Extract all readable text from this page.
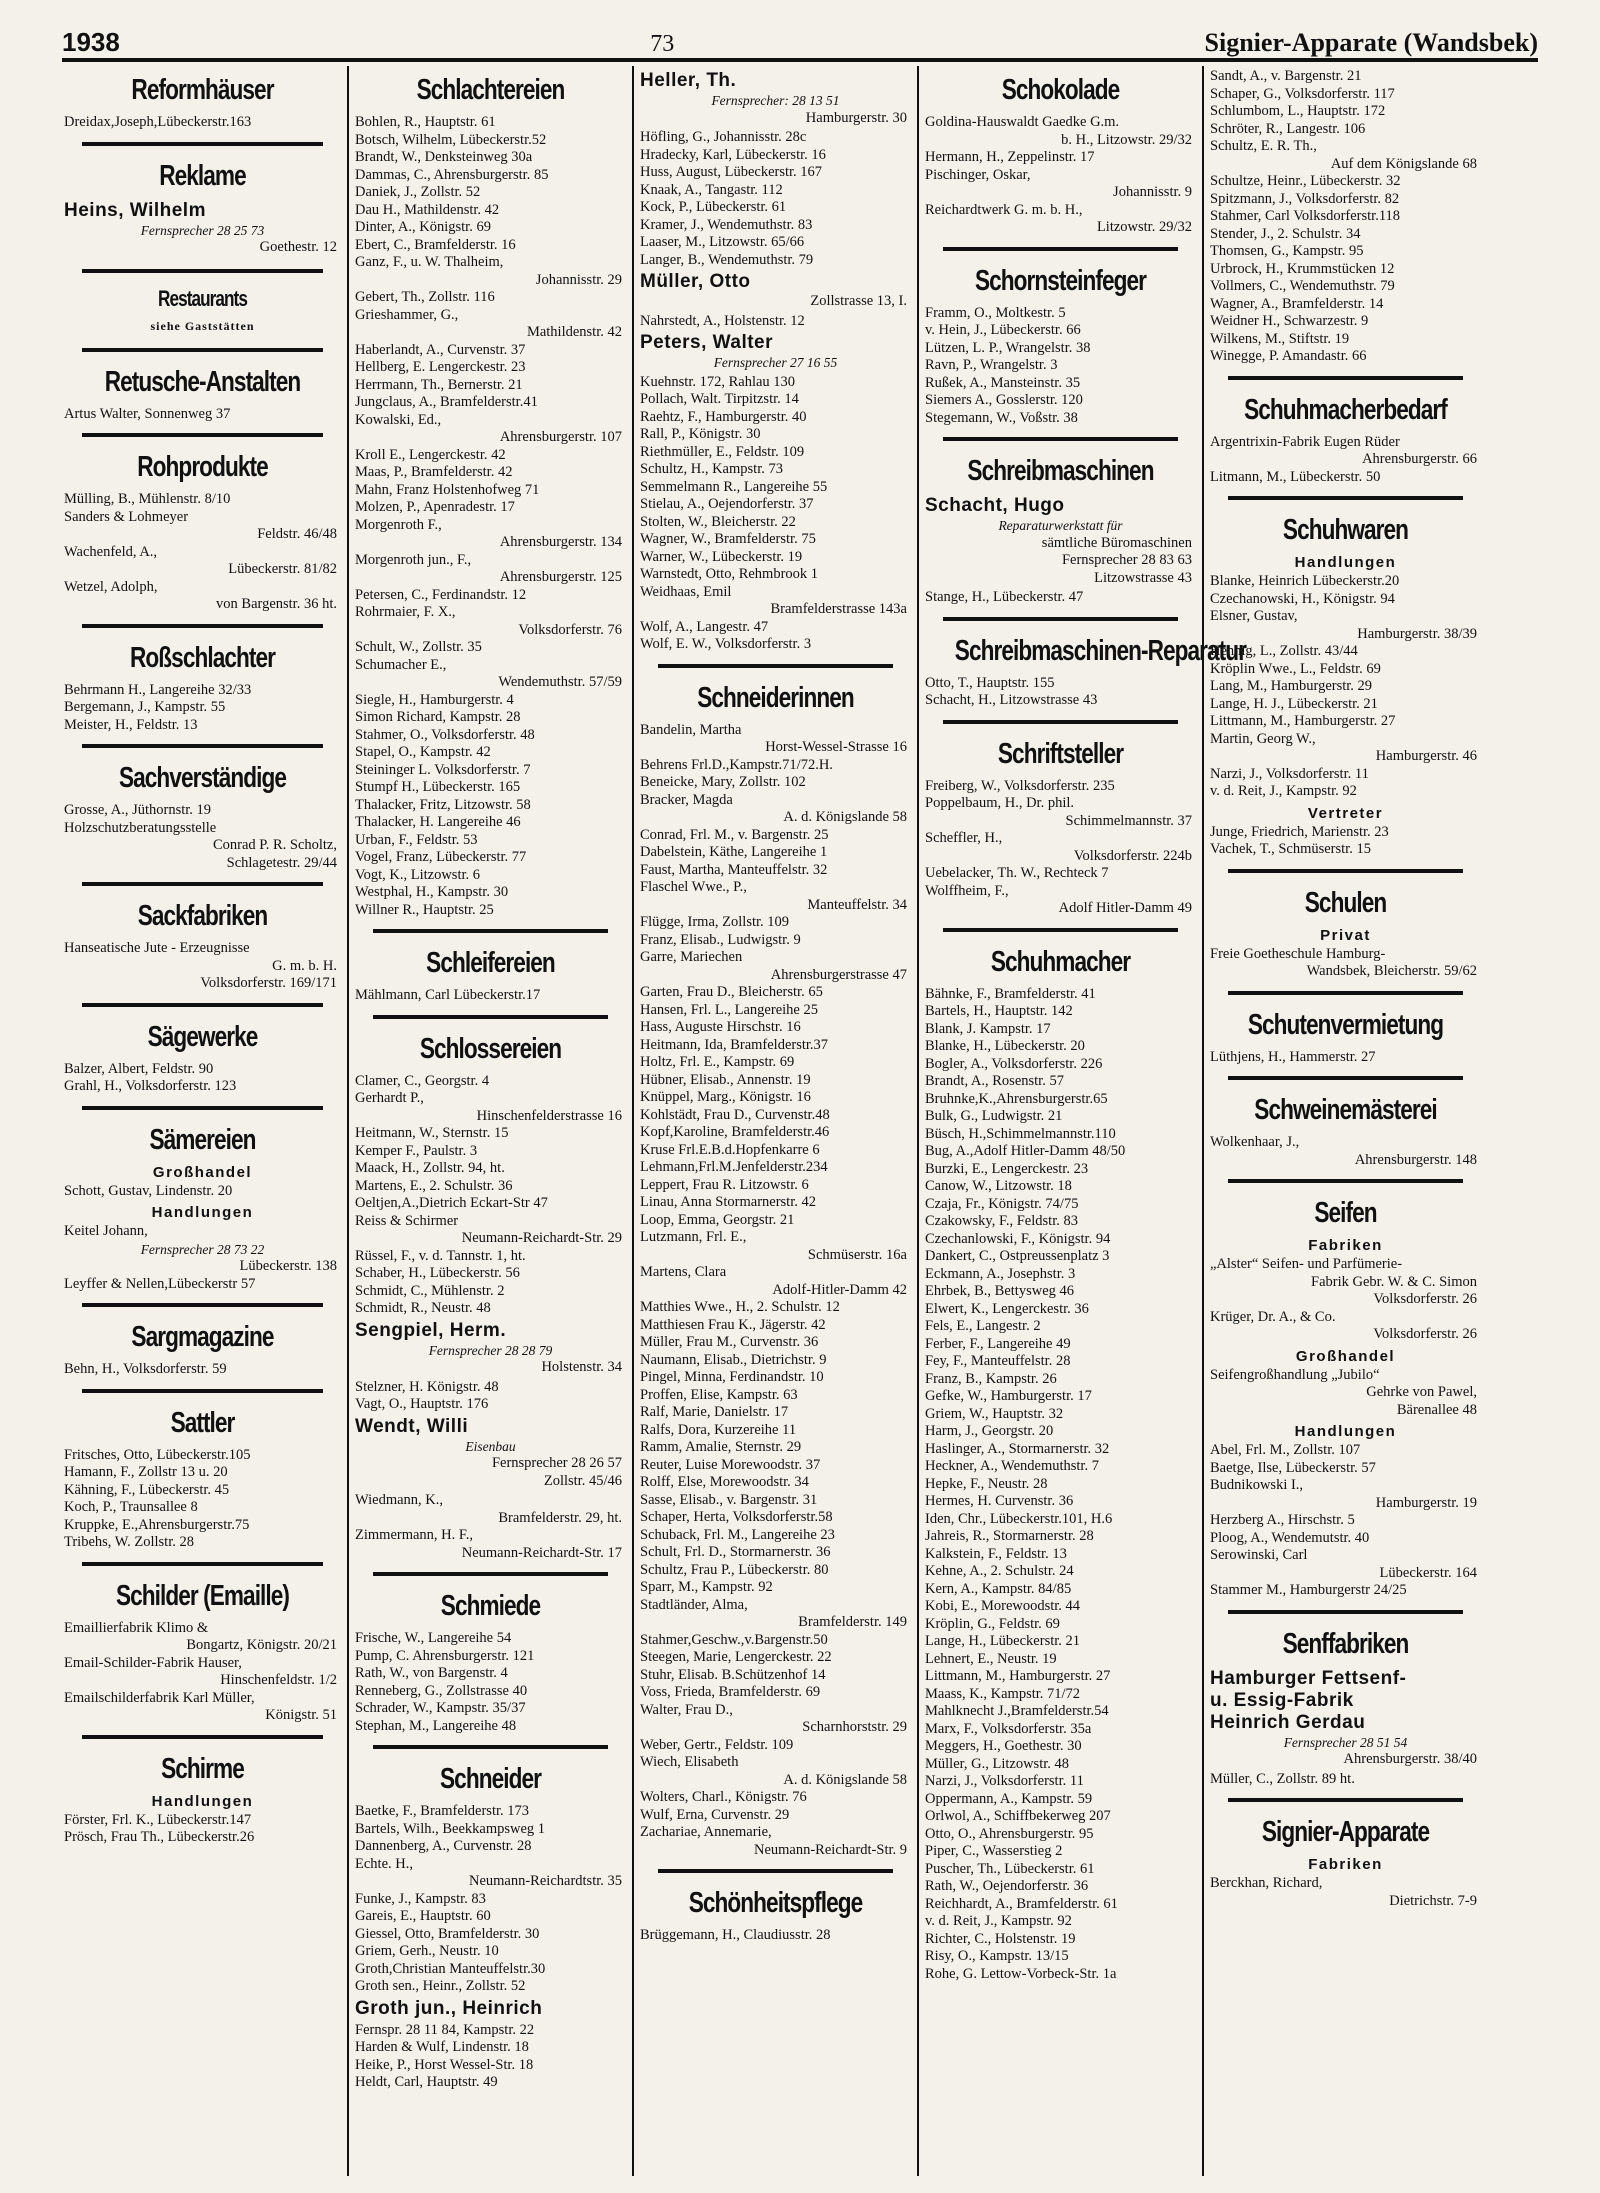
1938	73	Signier-Apparate (Wandsbek)
Reformhäuser
Dreidax,Joseph,Lübeckerstr.163
Reklame
Heins, Wilhelm
Fernsprecher 28 25 73
Goethestr. 12
Restaurants
siehe Gaststätten
Retusche-Anstalten
Artus Walter, Sonnenweg 37
Rohprodukte
Mülling, B., Mühlenstr. 8/10
Sanders & Lohmeyer
Feldstr. 46/48
Wachenfeld, A.,
Lübeckerstr. 81/82
Wetzel, Adolph,
von Bargenstr. 36 ht.
Roßschlachter
Behrmann H., Langereihe 32/33
Bergemann, J., Kampstr. 55
Meister, H., Feldstr. 13
Sachverständige
Grosse, A., Jüthornstr. 19
Holzschutzberatungsstelle
Conrad P. R. Scholtz,
Schlagetestr. 29/44
Sackfabriken
Hanseatische Jute - Erzeugnisse
G. m. b. H.
Volksdorferstr. 169/171
Sägewerke
Balzer, Albert, Feldstr. 90
Grahl, H., Volksdorferstr. 123
Sämereien
Großhandel
Schott, Gustav, Lindenstr. 20
Handlungen
Keitel Johann,
Fernsprecher 28 73 22
Lübeckerstr. 138
Leyffer & Nellen,Lübeckerstr 57
Sargmagazine
Behn, H., Volksdorferstr. 59
Sattler
Fritsches, Otto, Lübeckerstr.105
Hamann, F., Zollstr 13 u. 20
Kähning, F., Lübeckerstr. 45
Koch, P., Traunsallee 8
Kruppke, E.,Ahrensburgerstr.75
Tribehs, W. Zollstr. 28
Schilder (Emaille)
Emaillierfabrik Klimo &
Bongartz, Königstr. 20/21
Email-Schilder-Fabrik Hauser,
Hinschenfeldstr. 1/2
Emailschilderfabrik Karl Müller,
Königstr. 51
Schirme
Handlungen
Förster, Frl. K., Lübeckerstr.147
Prösch, Frau Th., Lübeckerstr.26
Schlachtereien
Bohlen, R., Hauptstr. 61
Botsch, Wilhelm, Lübeckerstr.52
Brandt, W., Denksteinweg 30a
Dammas, C., Ahrensburgerstr. 85
Daniek, J., Zollstr. 52
Dau H., Mathildenstr. 42
Dinter, A., Königstr. 69
Ebert, C., Bramfelderstr. 16
Ganz, F., u. W. Thalheim,
Johannisstr. 29
Gebert, Th., Zollstr. 116
Grieshammer, G.,
Mathildenstr. 42
Haberlandt, A., Curvenstr. 37
Hellberg, E. Lengerckestr. 23
Herrmann, Th., Bernerstr. 21
Jungclaus, A., Bramfelderstr.41
Kowalski, Ed.,
Ahrensburgerstr. 107
Kroll E., Lengerckestr. 42
Maas, P., Bramfelderstr. 42
Mahn, Franz Holstenhofweg 71
Molzen, P., Apenradestr. 17
Morgenroth F.,
Ahrensburgerstr. 134
Morgenroth jun., F.,
Ahrensburgerstr. 125
Petersen, C., Ferdinandstr. 12
Rohrmaier, F. X.,
Volksdorferstr. 76
Schult, W., Zollstr. 35
Schumacher E.,
Wendemuthstr. 57/59
Siegle, H., Hamburgerstr. 4
Simon Richard, Kampstr. 28
Stahmer, O., Volksdorferstr. 48
Stapel, O., Kampstr. 42
Steininger L. Volksdorferstr. 7
Stumpf H., Lübeckerstr. 165
Thalacker, Fritz, Litzowstr. 58
Thalacker, H. Langereihe 46
Urban, F., Feldstr. 53
Vogel, Franz, Lübeckerstr. 77
Vogt, K., Litzowstr. 6
Westphal, H., Kampstr. 30
Willner R., Hauptstr. 25
Schleifereien
Mählmann, Carl Lübeckerstr.17
Schlossereien
Clamer, C., Georgstr. 4
Gerhardt P.,
Hinschenfelderstrasse 16
Heitmann, W., Sternstr. 15
Kemper F., Paulstr. 3
Maack, H., Zollstr. 94, ht.
Martens, E., 2. Schulstr. 36
Oeltjen,A.,Dietrich Eckart-Str 47
Reiss & Schirmer
Neumann-Reichardt-Str. 29
Rüssel, F., v. d. Tannstr. 1, ht.
Schaber, H., Lübeckerstr. 56
Schmidt, C., Mühlenstr. 2
Schmidt, R., Neustr. 48
Sengpiel, Herm.
Fernsprecher 28 28 79
Holstenstr. 34
Stelzner, H. Königstr. 48
Vagt, O., Hauptstr. 176
Wendt, Willi
Eisenbau
Fernsprecher 28 26 57
Zollstr. 45/46
Wiedmann, K.,
Bramfelderstr. 29, ht.
Zimmermann, H. F.,
Neumann-Reichardt-Str. 17
Schmiede
Frische, W., Langereihe 54
Pump, C. Ahrensburgerstr. 121
Rath, W., von Bargenstr. 4
Renneberg, G., Zollstrasse 40
Schrader, W., Kampstr. 35/37
Stephan, M., Langereihe 48
Schneider
Baetke, F., Bramfelderstr. 173
Bartels, Wilh., Beekkampsweg 1
Dannenberg, A., Curvenstr. 28
Echte. H.,
Neumann-Reichardtstr. 35
Funke, J., Kampstr. 83
Gareis, E., Hauptstr. 60
Giessel, Otto, Bramfelderstr. 30
Griem, Gerh., Neustr. 10
Groth,Christian Manteuffelstr.30
Groth sen., Heinr., Zollstr. 52
Groth jun., Heinrich
Fernspr. 28 11 84, Kampstr. 22
Harden & Wulf, Lindenstr. 18
Heike, P., Horst Wessel-Str. 18
Heldt, Carl, Hauptstr. 49
Heller, Th.
Fernsprecher: 28 13 51
Hamburgerstr. 30
Höfling, G., Johannisstr. 28c
Hradecky, Karl, Lübeckerstr. 16
Huss, August, Lübeckerstr. 167
Knaak, A., Tangastr. 112
Kock, P., Lübeckerstr. 61
Kramer, J., Wendemuthstr. 83
Laaser, M., Litzowstr. 65/66
Langer, B., Wendemuthstr. 79
Müller, Otto
Zollstrasse 13, I.
Nahrstedt, A., Holstenstr. 12
Peters, Walter
Fernsprecher 27 16 55
Kuehnstr. 172, Rahlau 130
Pollach, Walt. Tirpitzstr. 14
Raehtz, F., Hamburgerstr. 40
Rall, P., Königstr. 30
Riethmüller, E., Feldstr. 109
Schultz, H., Kampstr. 73
Semmelmann R., Langereihe 55
Stielau, A., Oejendorferstr. 37
Stolten, W., Bleicherstr. 22
Wagner, W., Bramfelderstr. 75
Warner, W., Lübeckerstr. 19
Warnstedt, Otto, Rehmbrook 1
Weidhaas, Emil
Bramfelderstrasse 143a
Wolf, A., Langestr. 47
Wolf, E. W., Volksdorferstr. 3
Schneiderinnen
Bandelin, Martha
Horst-Wessel-Strasse 16
Behrens Frl.D.,Kampstr.71/72.H.
Beneicke, Mary, Zollstr. 102
Bracker, Magda
A. d. Königslande 58
Conrad, Frl. M., v. Bargenstr. 25
Dabelstein, Käthe, Langereihe 1
Faust, Martha, Manteuffelstr. 32
Flaschel Wwe., P.,
Manteuffelstr. 34
Flügge, Irma, Zollstr. 109
Franz, Elisab., Ludwigstr. 9
Garre, Mariechen
Ahrensburgerstrasse 47
Garten, Frau D., Bleicherstr. 65
Hansen, Frl. L., Langereihe 25
Hass, Auguste Hirschstr. 16
Heitmann, Ida, Bramfelderstr.37
Holtz, Frl. E., Kampstr. 69
Hübner, Elisab., Annenstr. 19
Knüppel, Marg., Königstr. 16
Kohlstädt, Frau D., Curvenstr.48
Kopf,Karoline, Bramfelderstr.46
Kruse Frl.E.B.d.Hopfenkarre 6
Lehmann,Frl.M.Jenfelderstr.234
Leppert, Frau R. Litzowstr. 6
Linau, Anna Stormarnerstr. 42
Loop, Emma, Georgstr. 21
Lutzmann, Frl. E.,
Schmüserstr. 16a
Martens, Clara
Adolf-Hitler-Damm 42
Matthies Wwe., H., 2. Schulstr. 12
Matthiesen Frau K., Jägerstr. 42
Müller, Frau M., Curvenstr. 36
Naumann, Elisab., Dietrichstr. 9
Pingel, Minna, Ferdinandstr. 10
Proffen, Elise, Kampstr. 63
Ralf, Marie, Danielstr. 17
Ralfs, Dora, Kurzereihe 11
Ramm, Amalie, Sternstr. 29
Reuter, Luise Morewoodstr. 37
Rolff, Else, Morewoodstr. 34
Sasse, Elisab., v. Bargenstr. 31
Schaper, Herta, Volksdorferstr.58
Schuback, Frl. M., Langereihe 23
Schult, Frl. D., Stormarnerstr. 36
Schultz, Frau P., Lübeckerstr. 80
Sparr, M., Kampstr. 92
Stadtländer, Alma,
Bramfelderstr. 149
Stahmer,Geschw.,v.Bargenstr.50
Steegen, Marie, Lengerckestr. 22
Stuhr, Elisab. B.Schützenhof 14
Voss, Frieda, Bramfelderstr. 69
Walter, Frau D.,
Scharnhorststr. 29
Weber, Gertr., Feldstr. 109
Wiech, Elisabeth
A. d. Königslande 58
Wolters, Charl., Königstr. 76
Wulf, Erna, Curvenstr. 29
Zachariae, Annemarie,
Neumann-Reichardt-Str. 9
Schönheitspflege
Brüggemann, H., Claudiusstr. 28
Schokolade
Goldina-Hauswaldt Gaedke G.m.
b. H., Litzowstr. 29/32
Hermann, H., Zeppelinstr. 17
Pischinger, Oskar,
Johannisstr. 9
Reichardtwerk G. m. b. H.,
Litzowstr. 29/32
Schornsteinfeger
Framm, O., Moltkestr. 5
v. Hein, J., Lübeckerstr. 66
Lützen, L. P., Wrangelstr. 38
Ravn, P., Wrangelstr. 3
Rußek, A., Mansteinstr. 35
Siemers A., Gosslerstr. 120
Stegemann, W., Voßstr. 38
Schreibmaschinen
Schacht, Hugo
Reparaturwerkstatt für
sämtliche Büromaschinen
Fernsprecher 28 83 63
Litzowstrasse 43
Stange, H., Lübeckerstr. 47
Schreibmaschinen-Reparatur
Otto, T., Hauptstr. 155
Schacht, H., Litzowstrasse 43
Schriftsteller
Freiberg, W., Volksdorferstr. 235
Poppelbaum, H., Dr. phil.
Schimmelmannstr. 37
Scheffler, H.,
Volksdorferstr. 224b
Uebelacker, Th. W., Rechteck 7
Wolffheim, F.,
Adolf Hitler-Damm 49
Schuhmacher
Bähnke, F., Bramfelderstr. 41
Bartels, H., Hauptstr. 142
Blank, J. Kampstr. 17
Blanke, H., Lübeckerstr. 20
Bogler, A., Volksdorferstr. 226
Brandt, A., Rosenstr. 57
Bruhnke,K.,Ahrensburgerstr.65
Bulk, G., Ludwigstr. 21
Büsch, H.,Schimmelmannstr.110
Bug, A.,Adolf Hitler-Damm 48/50
Burzki, E., Lengerckestr. 23
Canow, W., Litzowstr. 18
Czaja, Fr., Königstr. 74/75
Czakowsky, F., Feldstr. 83
Czechanlowski, F., Königstr. 94
Dankert, C., Ostpreussenplatz 3
Eckmann, A., Josephstr. 3
Ehrbek, B., Bettysweg 46
Elwert, K., Lengerckestr. 36
Fels, E., Langestr. 2
Ferber, F., Langereihe 49
Fey, F., Manteuffelstr. 28
Franz, B., Kampstr. 26
Gefke, W., Hamburgerstr. 17
Griem, W., Hauptstr. 32
Harm, J., Georgstr. 20
Haslinger, A., Stormarnerstr. 32
Heckner, A., Wendemuthstr. 7
Hepke, F., Neustr. 28
Hermes, H. Curvenstr. 36
Iden, Chr., Lübeckerstr.101, H.6
Jahreis, R., Stormarnerstr. 28
Kalkstein, F., Feldstr. 13
Kehne, A., 2. Schulstr. 24
Kern, A., Kampstr. 84/85
Kobi, E., Morewoodstr. 44
Kröplin, G., Feldstr. 69
Lange, H., Lübeckerstr. 21
Lehnert, E., Neustr. 19
Littmann, M., Hamburgerstr. 27
Maass, K., Kampstr. 71/72
Mahlknecht J.,Bramfelderstr.54
Marx, F., Volksdorferstr. 35a
Meggers, H., Goethestr. 30
Müller, G., Litzowstr. 48
Narzi, J., Volksdorferstr. 11
Oppermann, A., Kampstr. 59
Orlwol, A., Schiffbekerweg 207
Otto, O., Ahrensburgerstr. 95
Piper, C., Wasserstieg 2
Puscher, Th., Lübeckerstr. 61
Rath, W., Oejendorferstr. 36
Reichhardt, A., Bramfelderstr. 61
v. d. Reit, J., Kampstr. 92
Richter, C., Holstenstr. 19
Risy, O., Kampstr. 13/15
Rohe, G. Lettow-Vorbeck-Str. 1a
Sandt, A., v. Bargenstr. 21
Schaper, G., Volksdorferstr. 117
Schlumbom, L., Hauptstr. 172
Schröter, R., Langestr. 106
Schultz, E. R. Th.,
Auf dem Königslande 68
Schultze, Heinr., Lübeckerstr. 32
Spitzmann, J., Volksdorferstr. 82
Stahmer, Carl Volksdorferstr.118
Stender, J., 2. Schulstr. 34
Thomsen, G., Kampstr. 95
Urbrock, H., Krummstücken 12
Vollmers, C., Wendemuthstr. 79
Wagner, A., Bramfelderstr. 14
Weidner H., Schwarzestr. 9
Wilkens, M., Stiftstr. 19
Winegge, P. Amandastr. 66
Schuhmacherbedarf
Argentrixin-Fabrik Eugen Rüder
Ahrensburgerstr. 66
Litmann, M., Lübeckerstr. 50
Schuhwaren
Handlungen
Blanke, Heinrich Lübeckerstr.20
Czechanowski, H., Königstr. 94
Elsner, Gustav,
Hamburgerstr. 38/39
Hennig, L., Zollstr. 43/44
Kröplin Wwe., L., Feldstr. 69
Lang, M., Hamburgerstr. 29
Lange, H. J., Lübeckerstr. 21
Littmann, M., Hamburgerstr. 27
Martin, Georg W.,
Hamburgerstr. 46
Narzi, J., Volksdorferstr. 11
v. d. Reit, J., Kampstr. 92
Vertreter
Junge, Friedrich, Marienstr. 23
Vachek, T., Schmüserstr. 15
Schulen
Privat
Freie Goetheschule Hamburg-
Wandsbek, Bleicherstr. 59/62
Schutenvermietung
Lüthjens, H., Hammerstr. 27
Schweinemästerei
Wolkenhaar, J.,
Ahrensburgerstr. 148
Seifen
Fabriken
„Alster“ Seifen- und Parfümerie-
Fabrik Gebr. W. & C. Simon
Volksdorferstr. 26
Krüger, Dr. A., & Co.
Volksdorferstr. 26
Großhandel
Seifengroßhandlung „Jubilo“
Gehrke von Pawel,
Bärenallee 48
Handlungen
Abel, Frl. M., Zollstr. 107
Baetge, Ilse, Lübeckerstr. 57
Budnikowski I.,
Hamburgerstr. 19
Herzberg A., Hirschstr. 5
Ploog, A., Wendemutstr. 40
Serowinski, Carl
Lübeckerstr. 164
Stammer M., Hamburgerstr 24/25
Senffabriken
Hamburger Fettsenf-
u. Essig-Fabrik
Heinrich Gerdau
Fernsprecher 28 51 54
Ahrensburgerstr. 38/40
Müller, C., Zollstr. 89 ht.
Signier-Apparate
Fabriken
Berckhan, Richard,
Dietrichstr. 7-9
